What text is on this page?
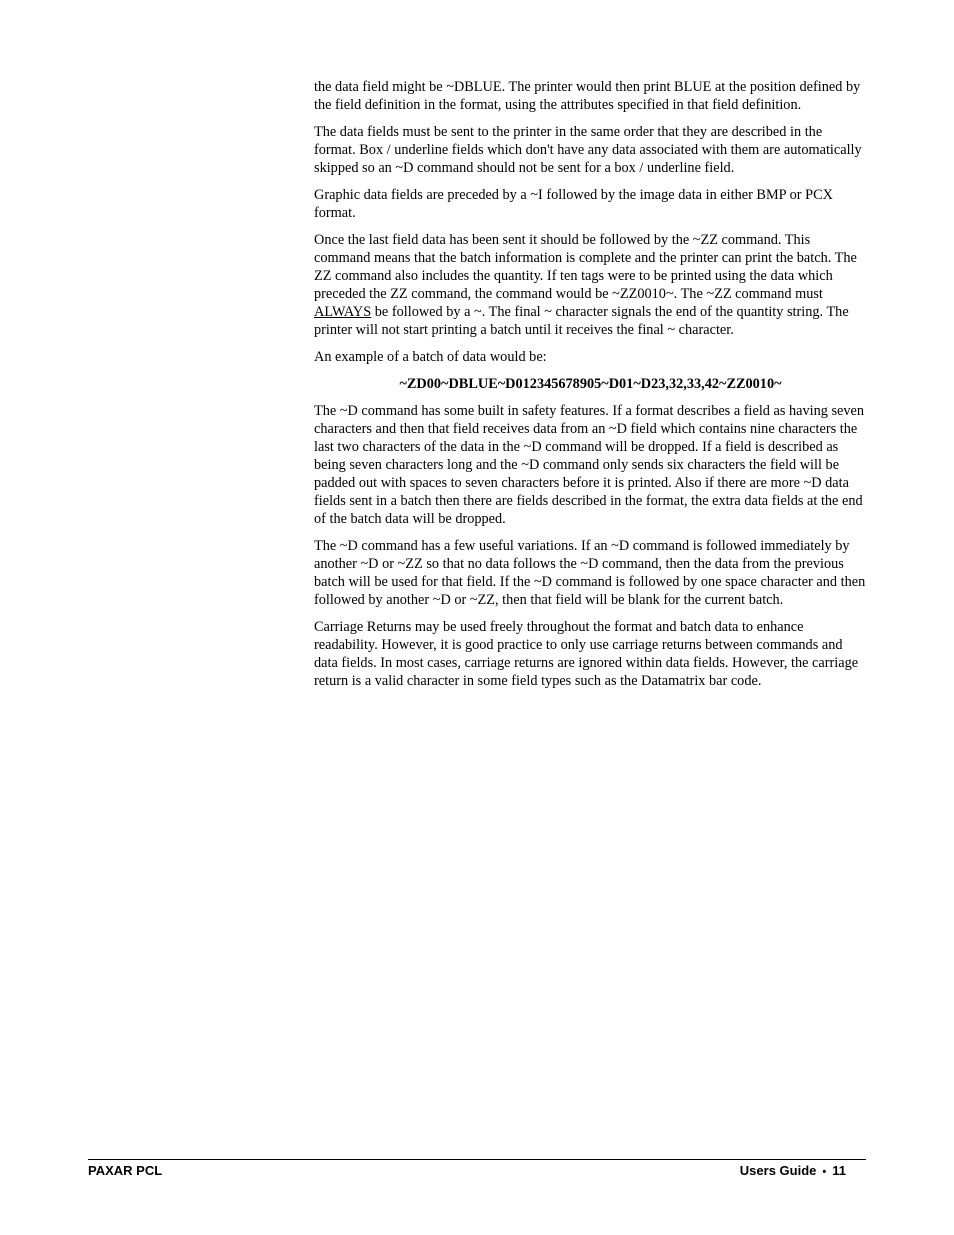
the data field might be ~DBLUE. The printer would then print BLUE at the position defined by the field definition in the format, using the attributes specified in that field definition.

The data fields must be sent to the printer in the same order that they are described in the format. Box / underline fields which don't have any data associated with them are automatically skipped so an ~D command should not be sent for a box / underline field.

Graphic data fields are preceded by a ~I followed by the image data in either BMP or PCX format.

Once the last field data has been sent it should be followed by the ~ZZ command. This command means that the batch information is complete and the printer can print the batch. The ZZ command also includes the quantity. If ten tags were to be printed using the data which preceded the ZZ command, the command would be ~ZZ0010~. The ~ZZ command must ALWAYS be followed by a ~. The final ~ character signals the end of the quantity string. The printer will not start printing a batch until it receives the final ~ character.

An example of a batch of data would be:

~ZD00~DBLUE~D012345678905~D01~D23,32,33,42~ZZ0010~

The ~D command has some built in safety features. If a format describes a field as having seven characters and then that field receives data from an ~D field which contains nine characters the last two characters of the data in the ~D command will be dropped. If a field is described as being seven characters long and the ~D command only sends six characters the field will be padded out with spaces to seven characters before it is printed. Also if there are more ~D data fields sent in a batch then there are fields described in the format, the extra data fields at the end of the batch data will be dropped.

The ~D command has a few useful variations. If an ~D command is followed immediately by another ~D or ~ZZ so that no data follows the ~D command, then the data from the previous batch will be used for that field. If the ~D command is followed by one space character and then followed by another ~D or ~ZZ, then that field will be blank for the current batch.

Carriage Returns may be used freely throughout the format and batch data to enhance readability. However, it is good practice to only use carriage returns between commands and data fields. In most cases, carriage returns are ignored within data fields. However, the carriage return is a valid character in some field types such as the Datamatrix bar code.

PAXAR PCL	Users Guide • 11
